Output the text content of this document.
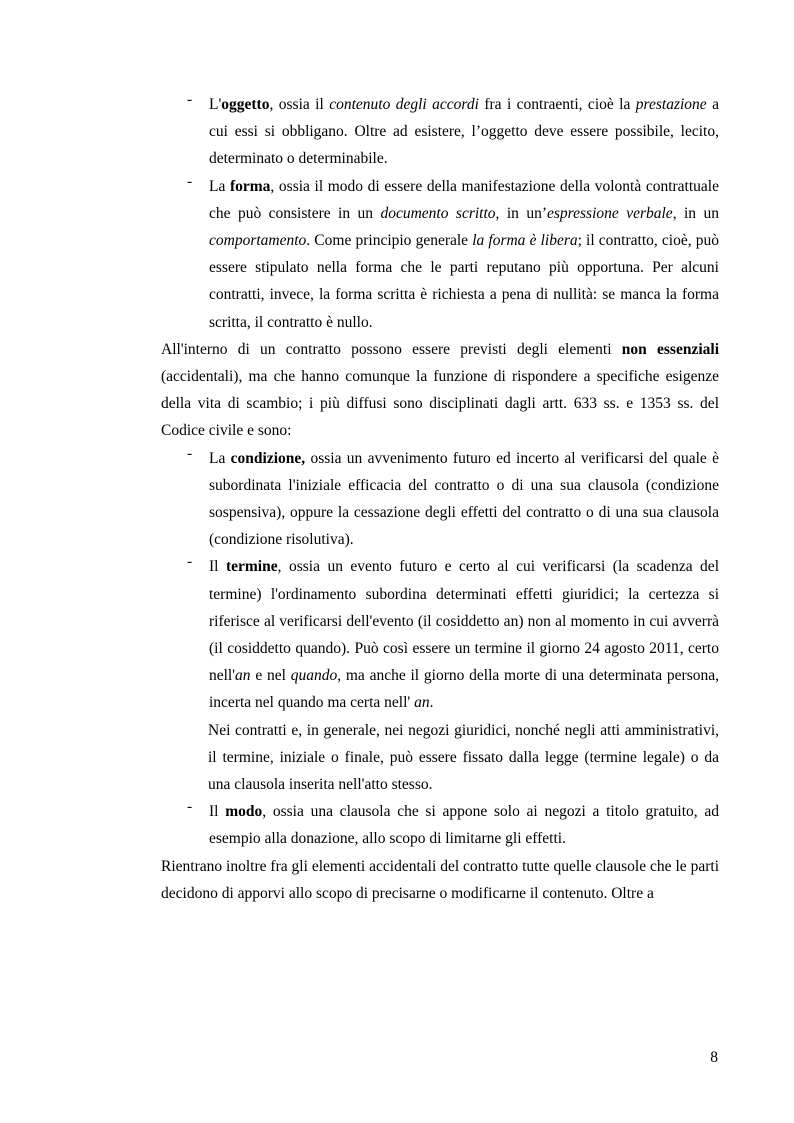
- L'oggetto, ossia il contenuto degli accordi fra i contraenti, cioè la prestazione a cui essi si obbligano. Oltre ad esistere, l’oggetto deve essere possibile, lecito, determinato o determinabile.

- La forma, ossia il modo di essere della manifestazione della volontà contrattuale che può consistere in un documento scritto, in un’espressione verbale, in un comportamento. Come principio generale la forma è libera; il contratto, cioè, può essere stipulato nella forma che le parti reputano più opportuna. Per alcuni contratti, invece, la forma scritta è richiesta a pena di nullità: se manca la forma scritta, il contratto è nullo.

All'interno di un contratto possono essere previsti degli elementi non essenziali (accidentali), ma che hanno comunque la funzione di rispondere a specifiche esigenze della vita di scambio; i più diffusi sono disciplinati dagli artt. 633 ss. e 1353 ss. del Codice civile e sono:

- La condizione, ossia un avvenimento futuro ed incerto al verificarsi del quale è subordinata l'iniziale efficacia del contratto o di una sua clausola (condizione sospensiva), oppure la cessazione degli effetti del contratto o di una sua clausola (condizione risolutiva).

- Il termine, ossia un evento futuro e certo al cui verificarsi (la scadenza del termine) l'ordinamento subordina determinati effetti giuridici; la certezza si riferisce al verificarsi dell'evento (il cosiddetto an) non al momento in cui avverrà (il cosiddetto quando). Può così essere un termine il giorno 24 agosto 2011, certo nell'an e nel quando, ma anche il giorno della morte di una determinata persona, incerta nel quando ma certa nell' an.

Nei contratti e, in generale, nei negozi giuridici, nonché negli atti amministrativi, il termine, iniziale o finale, può essere fissato dalla legge (termine legale) o da una clausola inserita nell'atto stesso.

- Il modo, ossia una clausola che si appone solo ai negozi a titolo gratuito, ad esempio alla donazione, allo scopo di limitarne gli effetti.

Rientrano inoltre fra gli elementi accidentali del contratto tutte quelle clausole che le parti decidono di apporvi allo scopo di precisarne o modificarne il contenuto. Oltre a

8
